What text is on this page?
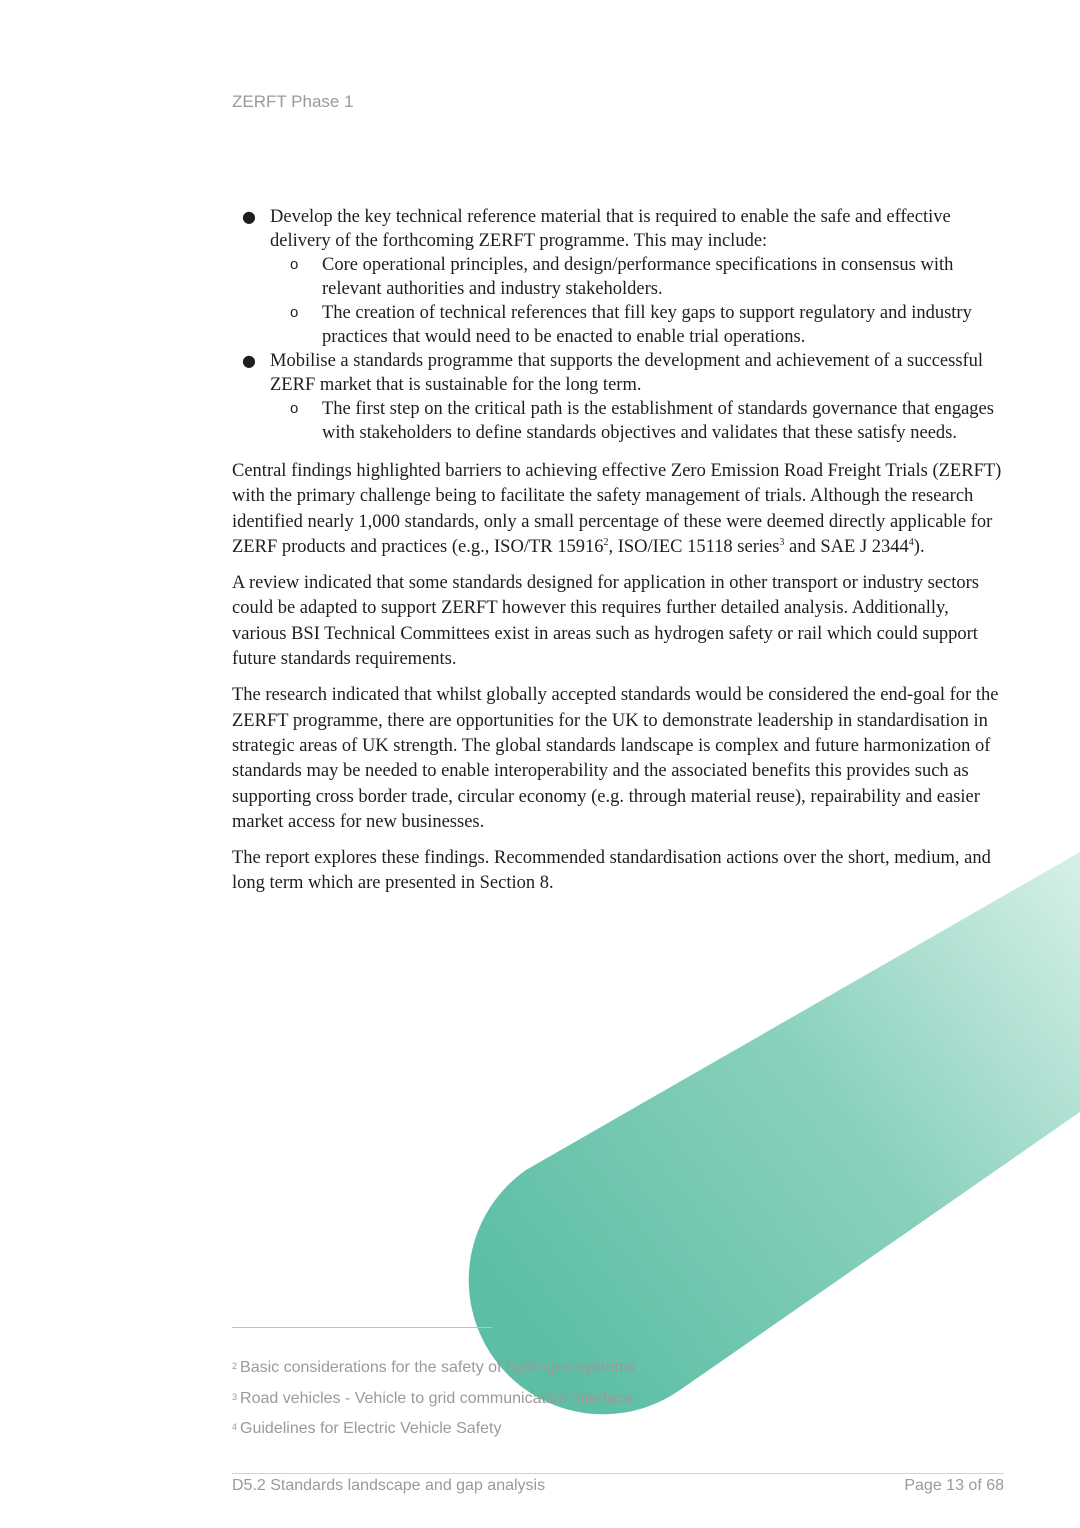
ZERFT Phase 1
● Develop the key technical reference material that is required to enable the safe and effective delivery of the forthcoming ZERFT programme. This may include:
o Core operational principles, and design/performance specifications in consensus with relevant authorities and industry stakeholders.
o The creation of technical references that fill key gaps to support regulatory and industry practices that would need to be enacted to enable trial operations.
● Mobilise a standards programme that supports the development and achievement of a successful ZERF market that is sustainable for the long term.
o The first step on the critical path is the establishment of standards governance that engages with stakeholders to define standards objectives and validates that these satisfy needs.

Central findings highlighted barriers to achieving effective Zero Emission Road Freight Trials (ZERFT) with the primary challenge being to facilitate the safety management of trials. Although the research identified nearly 1,000 standards, only a small percentage of these were deemed directly applicable for ZERF products and practices (e.g., ISO/TR 15916$^2$, ISO/IEC 15118 series$^3$ and SAE J 2344$^4$).

A review indicated that some standards designed for application in other transport or industry sectors could be adapted to support ZERFT however this requires further detailed analysis. Additionally, various BSI Technical Committees exist in areas such as hydrogen safety or rail which could support future standards requirements.

The research indicated that whilst globally accepted standards would be considered the end-goal for the ZERFT programme, there are opportunities for the UK to demonstrate leadership in standardisation in strategic areas of UK strength. The global standards landscape is complex and future harmonization of standards may be needed to enable interoperability and the associated benefits this provides such as supporting cross border trade, circular economy (e.g. through material reuse), repairability and easier market access for new businesses.

The report explores these findings. Recommended standardisation actions over the short, medium, and long term which are presented in Section 8.

2 Basic considerations for the safety of hydrogen systems
3 Road vehicles - Vehicle to grid communication interface
4 Guidelines for Electric Vehicle Safety
D5.2 Standards landscape and gap analysis	Page 13 of 68
